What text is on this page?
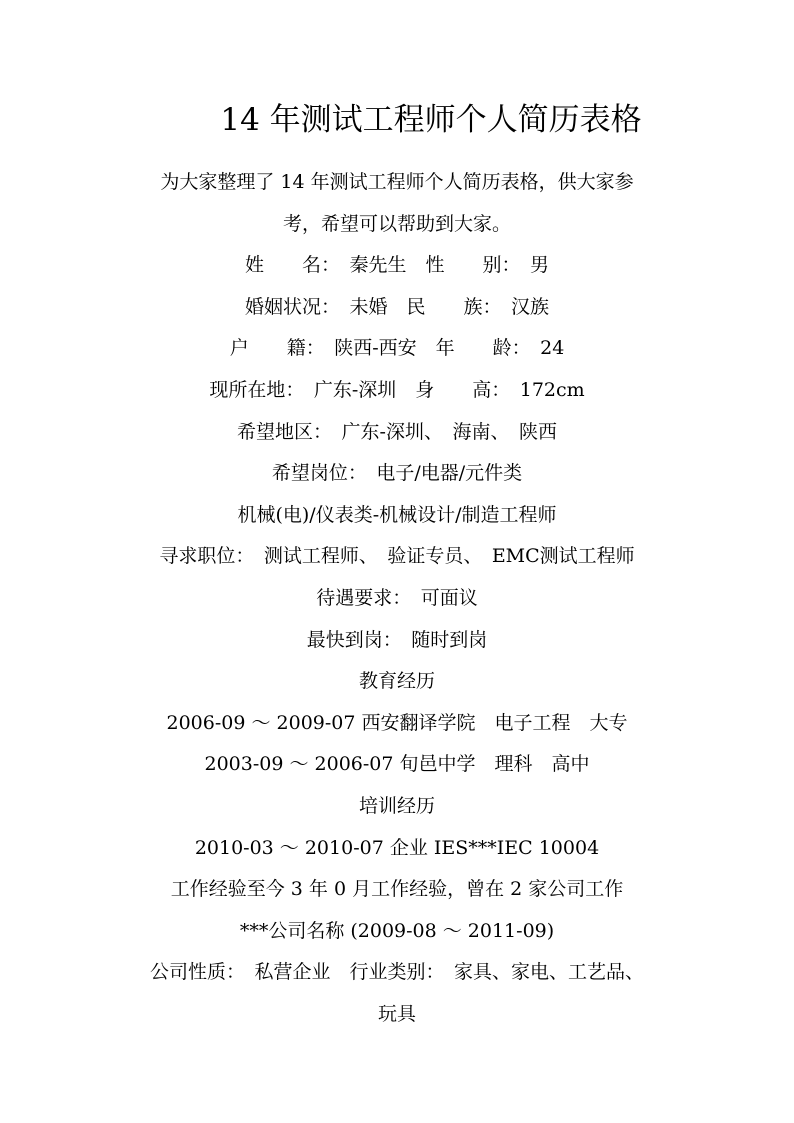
14 年测试工程师个人简历表格
为大家整理了 14 年测试工程师个人简历表格，供大家参
考，希望可以帮助到大家。
姓　　名：　秦先生　性　　别：　男
婚姻状况：　未婚　民　　族：　汉族
户　　籍：　陕西-西安　年　　龄：　24
现所在地：　广东-深圳　身　　高：　172cm
希望地区：　广东-深圳、　海南、　陕西
希望岗位：　电子/电器/元件类
机械(电)/仪表类-机械设计/制造工程师
寻求职位：　测试工程师、　验证专员、　EMC测试工程师
待遇要求：　可面议
最快到岗：　随时到岗
教育经历
2006-09 ～ 2009-07 西安翻译学院　电子工程　大专
2003-09 ～ 2006-07 旬邑中学　理科　高中
培训经历
2010-03 ～ 2010-07 企业 IES***IEC 10004
工作经验至今 3 年 0 月工作经验，曾在 2 家公司工作
***公司名称 (2009-08 ～ 2011-09)
公司性质：　私营企业　行业类别：　家具、家电、工艺品、
玩具
